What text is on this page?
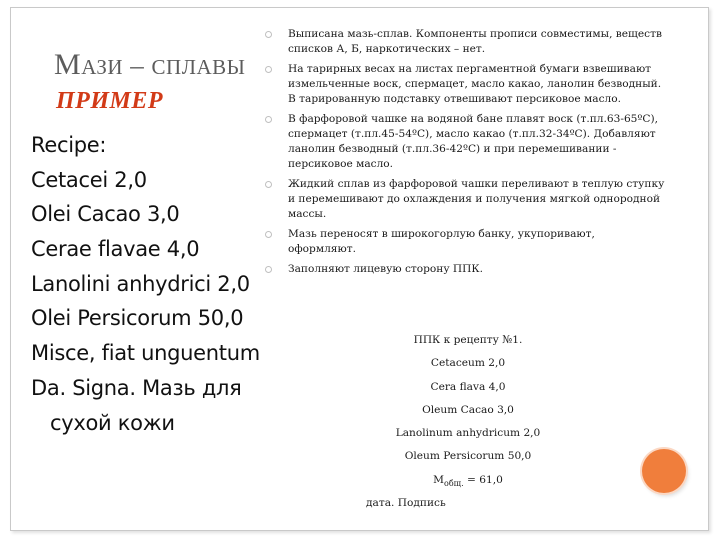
МАЗИ – СПЛАВЫ
ПРИМЕР
Recipe:
Cetacei 2,0
Olei Cacao 3,0
Cerae flavae 4,0
Lanolini anhydrici 2,0
Olei Persicorum 50,0
Misce, fiat unguentum
Da. Signa. Мазь для
сухой кожи
Выписана мазь-сплав. Компоненты прописи совместимы, веществ списков А, Б, наркотических – нет.
На тарирных весах на листах пергаментной бумаги взвешивают измельченные воск, спермацет, масло какао, ланолин безводный. В тарированную подставку отвешивают персиковое масло.
В фарфоровой чашке на водяной бане плавят воск (т.пл.63-65ºС), спермацет (т.пл.45-54ºС), масло какао (т.пл.32-34ºС). Добавляют ланолин безводный (т.пл.36-42ºС) и при перемешивании - персиковое масло.
Жидкий сплав из фарфоровой чашки переливают в теплую ступку и перемешивают до охлаждения и получения мягкой однородной массы.
Мазь переносят в широкогорлую банку, укупоривают, оформляют.
Заполняют лицевую сторону ППК.
ППК к рецепту №1.
Cetaceum 2,0
Cera flava 4,0
Oleum Cacao 3,0
Lanolinum anhydricum 2,0
Oleum Persicorum 50,0
$M_{общ.} = 61,0$
дата. Подпись
